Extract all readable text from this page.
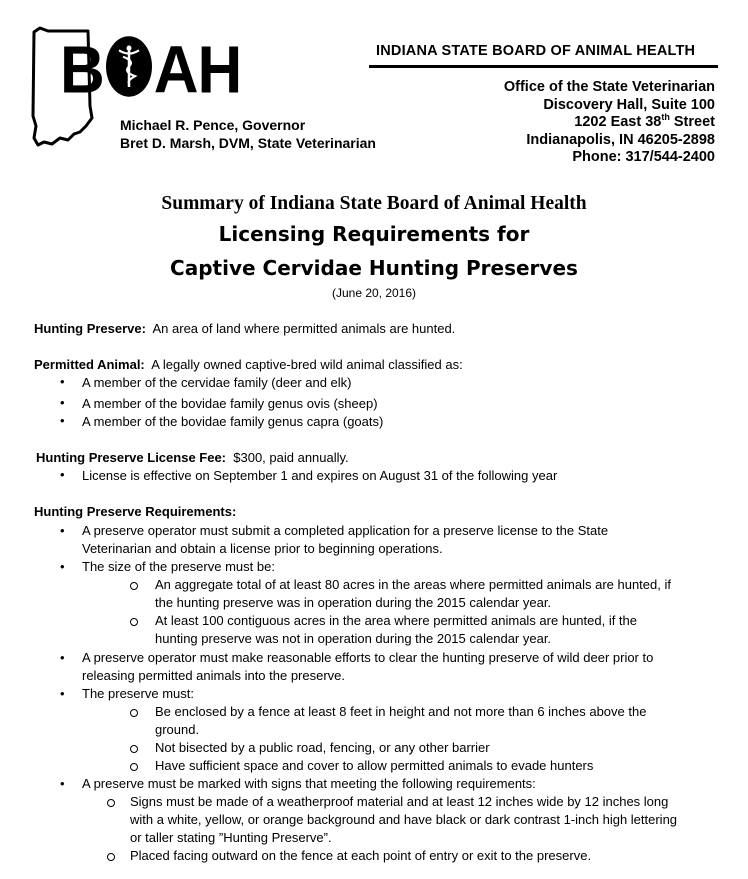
B AH
Michael R. Pence, Governor
Bret D. Marsh, DVM, State Veterinarian
INDIANA STATE BOARD OF ANIMAL HEALTH
Office of the State Veterinarian
Discovery Hall, Suite 100
1202 East 38th Street
Indianapolis, IN 46205-2898
Phone: 317/544-2400
Summary of Indiana State Board of Animal Health
Licensing Requirements for
Captive Cervidae Hunting Preserves
(June 20, 2016)
Hunting Preserve: An area of land where permitted animals are hunted.
Permitted Animal: A legally owned captive-bred wild animal classified as:
• A member of the cervidae family (deer and elk)
• A member of the bovidae family genus ovis (sheep)
• A member of the bovidae family genus capra (goats)
Hunting Preserve License Fee: $300, paid annually.
• License is effective on September 1 and expires on August 31 of the following year
Hunting Preserve Requirements:
• A preserve operator must submit a completed application for a preserve license to the State
Veterinarian and obtain a license prior to beginning operations.
• The size of the preserve must be:
An aggregate total of at least 80 acres in the areas where permitted animals are hunted, if
the hunting preserve was in operation during the 2015 calendar year.
At least 100 contiguous acres in the area where permitted animals are hunted, if the
hunting preserve was not in operation during the 2015 calendar year.
• A preserve operator must make reasonable efforts to clear the hunting preserve of wild deer prior to
releasing permitted animals into the preserve.
• The preserve must:
Be enclosed by a fence at least 8 feet in height and not more than 6 inches above the
ground.
Not bisected by a public road, fencing, or any other barrier
Have sufficient space and cover to allow permitted animals to evade hunters
• A preserve must be marked with signs that meeting the following requirements:
Signs must be made of a weatherproof material and at least 12 inches wide by 12 inches long
with a white, yellow, or orange background and have black or dark contrast 1-inch high lettering
or taller stating ”Hunting Preserve”.
Placed facing outward on the fence at each point of entry or exit to the preserve.
